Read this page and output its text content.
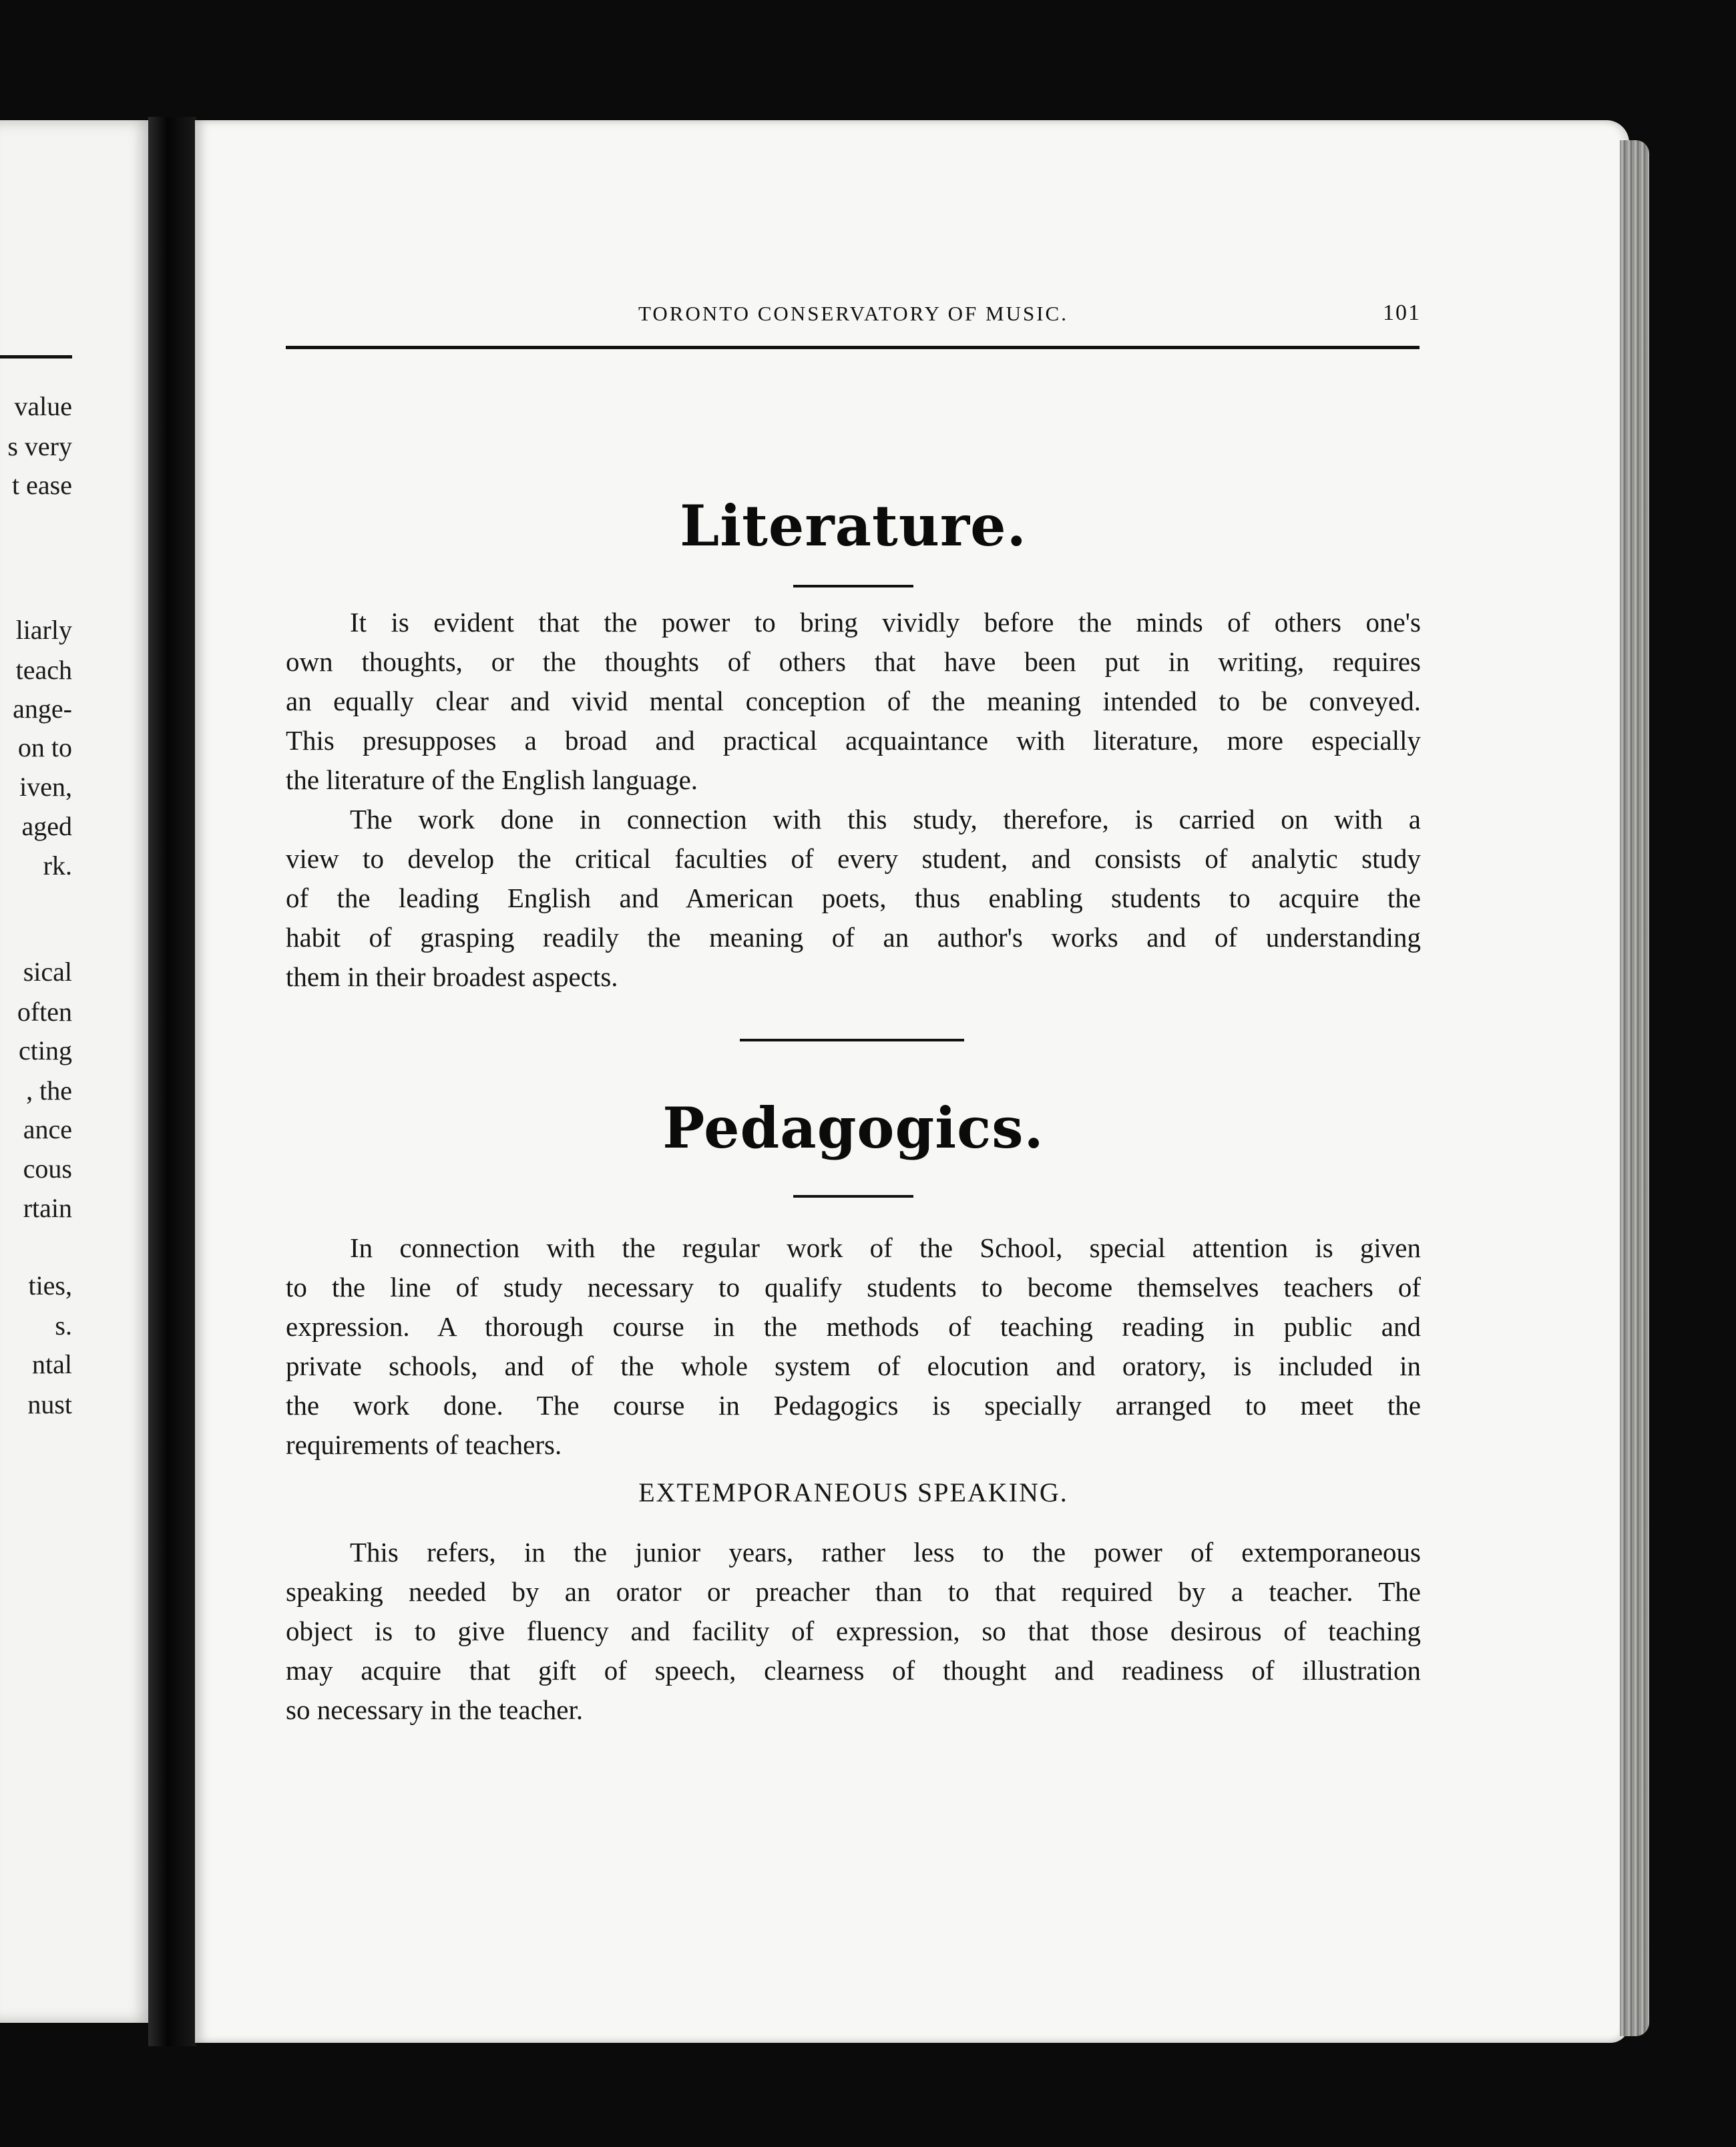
value
s very
t ease
liarly
teach
ange-
on to
iven,
aged
rk.
sical
often
cting
, the
ance
cous
rtain
ties,
s.
ntal
nust
TORONTO CONSERVATORY OF MUSIC.	101
Literature.
It is evident that the power to bring vividly before the minds of others one's
own thoughts, or the thoughts of others that have been put in writing, requires
an equally clear and vivid mental conception of the meaning intended to be conveyed.
This presupposes a broad and practical acquaintance with literature, more especially
the literature of the English language.
The work done in connection with this study, therefore, is carried on with a
view to develop the critical faculties of every student, and consists of analytic study
of the leading English and American poets, thus enabling students to acquire the
habit of grasping readily the meaning of an author's works and of understanding
them in their broadest aspects.
Pedagogics.
In connection with the regular work of the School, special attention is given
to the line of study necessary to qualify students to become themselves teachers of
expression. A thorough course in the methods of teaching reading in public and
private schools, and of the whole system of elocution and oratory, is included in
the work done. The course in Pedagogics is specially arranged to meet the
requirements of teachers.
EXTEMPORANEOUS SPEAKING.
This refers, in the junior years, rather less to the power of extemporaneous
speaking needed by an orator or preacher than to that required by a teacher. The
object is to give fluency and facility of expression, so that those desirous of teaching
may acquire that gift of speech, clearness of thought and readiness of illustration
so necessary in the teacher.
